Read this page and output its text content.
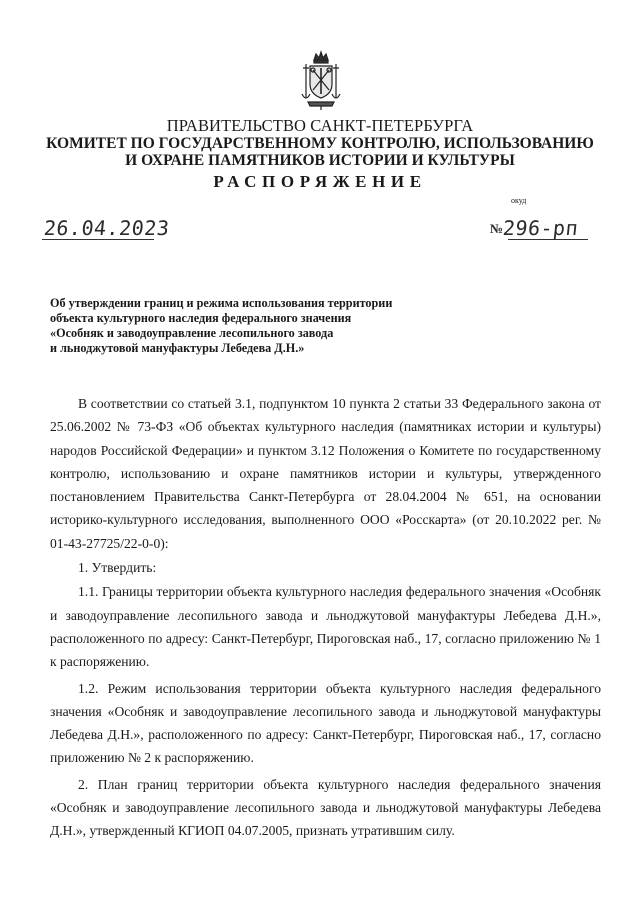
ПРАВИТЕЛЬСТВО САНКТ-ПЕТЕРБУРГА
КОМИТЕТ ПО ГОСУДАРСТВЕННОМУ КОНТРОЛЮ, ИСПОЛЬЗОВАНИЮ
И ОХРАНЕ ПАМЯТНИКОВ ИСТОРИИ И КУЛЬТУРЫ
РАСПОРЯЖЕНИЕ
окуд
26.04.2023	№296-рп
Об утверждении границ и режима использования территории
объекта культурного наследия федерального значения
«Особняк и заводоуправление лесопильного завода
и льноджутовой мануфактуры Лебедева Д.Н.»

В соответствии со статьей 3.1, подпунктом 10 пункта 2 статьи 33 Федерального закона от 25.06.2002 № 73-ФЗ «Об объектах культурного наследия (памятниках истории и культуры) народов Российской Федерации» и пунктом 3.12 Положения о Комитете по государственному контролю, использованию и охране памятников истории и культуры, утвержденного постановлением Правительства Санкт-Петербурга от 28.04.2004 № 651, на основании историко-культурного исследования, выполненного ООО «Росскарта» (от 20.10.2022 рег. № 01-43-27725/22-0-0):

1. Утвердить:

1.1. Границы территории объекта культурного наследия федерального значения «Особняк и заводоуправление лесопильного завода и льноджутовой мануфактуры Лебедева Д.Н.», расположенного по адресу: Санкт-Петербург, Пироговская наб., 17, согласно приложению № 1 к распоряжению.

1.2. Режим использования территории объекта культурного наследия федерального значения «Особняк и заводоуправление лесопильного завода и льноджутовой мануфактуры Лебедева Д.Н.», расположенного по адресу: Санкт-Петербург, Пироговская наб., 17, согласно приложению № 2 к распоряжению.

2. План границ территории объекта культурного наследия федерального значения «Особняк и заводоуправление лесопильного завода и льноджутовой мануфактуры Лебедева Д.Н.», утвержденный КГИОП 04.07.2005, признать утратившим силу.
